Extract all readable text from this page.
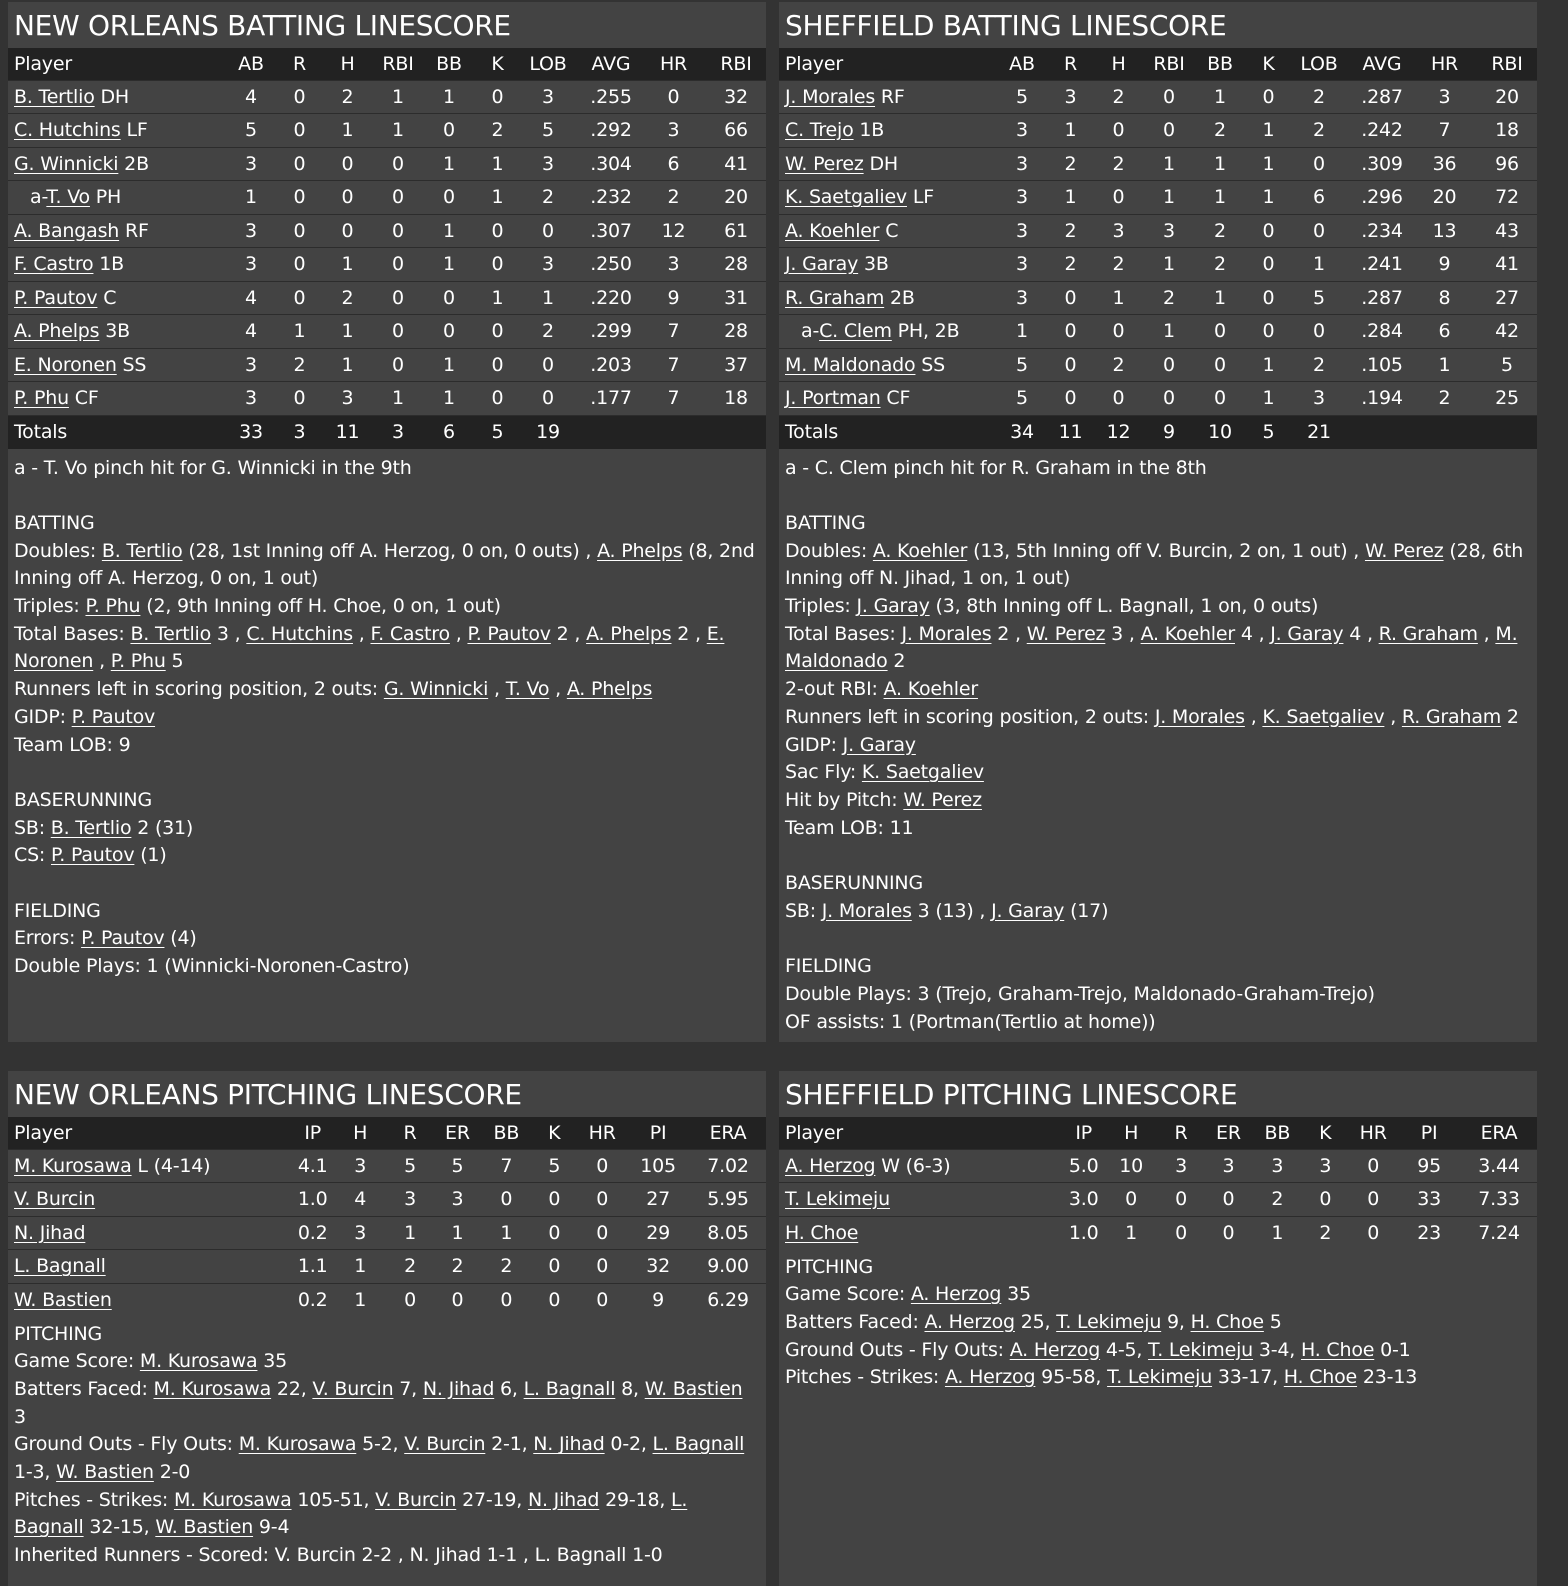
NEW ORLEANS BATTING LINESCORE
Player	AB	R	H	RBI	BB	K	LOB	AVG	HR	RBI
B. Tertlio DH	4	0	2	1	1	0	3	.255	0	32
C. Hutchins LF	5	0	1	1	0	2	5	.292	3	66
G. Winnicki 2B	3	0	0	0	1	1	3	.304	6	41
a-T. Vo PH	1	0	0	0	0	1	2	.232	2	20
A. Bangash RF	3	0	0	0	1	0	0	.307	12	61
F. Castro 1B	3	0	1	0	1	0	3	.250	3	28
P. Pautov C	4	0	2	0	0	1	1	.220	9	31
A. Phelps 3B	4	1	1	0	0	0	2	.299	7	28
E. Noronen SS	3	2	1	0	1	0	0	.203	7	37
P. Phu CF	3	0	3	1	1	0	0	.177	7	18
Totals	33	3	11	3	6	5	19			
a - T. Vo pinch hit for G. Winnicki in the 9th
BATTING
Doubles: B. Tertlio (28, 1st Inning off A. Herzog, 0 on, 0 outs) , A. Phelps (8, 2nd Inning off A. Herzog, 0 on, 1 out)
Triples: P. Phu (2, 9th Inning off H. Choe, 0 on, 1 out)
Total Bases: B. Tertlio 3 , C. Hutchins , F. Castro , P. Pautov 2 , A. Phelps 2 , E. Noronen , P. Phu 5
Runners left in scoring position, 2 outs: G. Winnicki , T. Vo , A. Phelps
GIDP: P. Pautov
Team LOB: 9
BASERUNNING
SB: B. Tertlio 2 (31)
CS: P. Pautov (1)
FIELDING
Errors: P. Pautov (4)
Double Plays: 1 (Winnicki-Noronen-Castro)
SHEFFIELD BATTING LINESCORE
Player	AB	R	H	RBI	BB	K	LOB	AVG	HR	RBI
J. Morales RF	5	3	2	0	1	0	2	.287	3	20
C. Trejo 1B	3	1	0	0	2	1	2	.242	7	18
W. Perez DH	3	2	2	1	1	1	0	.309	36	96
K. Saetgaliev LF	3	1	0	1	1	1	6	.296	20	72
A. Koehler C	3	2	3	3	2	0	0	.234	13	43
J. Garay 3B	3	2	2	1	2	0	1	.241	9	41
R. Graham 2B	3	0	1	2	1	0	5	.287	8	27
a-C. Clem PH, 2B	1	0	0	1	0	0	0	.284	6	42
M. Maldonado SS	5	0	2	0	0	1	2	.105	1	5
J. Portman CF	5	0	0	0	0	1	3	.194	2	25
Totals	34	11	12	9	10	5	21			
a - C. Clem pinch hit for R. Graham in the 8th
BATTING
Doubles: A. Koehler (13, 5th Inning off V. Burcin, 2 on, 1 out) , W. Perez (28, 6th Inning off N. Jihad, 1 on, 1 out)
Triples: J. Garay (3, 8th Inning off L. Bagnall, 1 on, 0 outs)
Total Bases: J. Morales 2 , W. Perez 3 , A. Koehler 4 , J. Garay 4 , R. Graham , M. Maldonado 2
2-out RBI: A. Koehler
Runners left in scoring position, 2 outs: J. Morales , K. Saetgaliev , R. Graham 2
GIDP: J. Garay
Sac Fly: K. Saetgaliev
Hit by Pitch: W. Perez
Team LOB: 11
BASERUNNING
SB: J. Morales 3 (13) , J. Garay (17)
FIELDING
Double Plays: 3 (Trejo, Graham-Trejo, Maldonado-Graham-Trejo)
OF assists: 1 (Portman(Tertlio at home))
NEW ORLEANS PITCHING LINESCORE
Player	IP	H	R	ER	BB	K	HR	PI	ERA
M. Kurosawa L (4-14)	4.1	3	5	5	7	5	0	105	7.02
V. Burcin	1.0	4	3	3	0	0	0	27	5.95
N. Jihad	0.2	3	1	1	1	0	0	29	8.05
L. Bagnall	1.1	1	2	2	2	0	0	32	9.00
W. Bastien	0.2	1	0	0	0	0	0	9	6.29
PITCHING
Game Score: M. Kurosawa 35
Batters Faced: M. Kurosawa 22, V. Burcin 7, N. Jihad 6, L. Bagnall 8, W. Bastien 3
Ground Outs - Fly Outs: M. Kurosawa 5-2, V. Burcin 2-1, N. Jihad 0-2, L. Bagnall 1-3, W. Bastien 2-0
Pitches - Strikes: M. Kurosawa 105-51, V. Burcin 27-19, N. Jihad 29-18, L. Bagnall 32-15, W. Bastien 9-4
Inherited Runners - Scored: V. Burcin 2-2 , N. Jihad 1-1 , L. Bagnall 1-0
SHEFFIELD PITCHING LINESCORE
Player	IP	H	R	ER	BB	K	HR	PI	ERA
A. Herzog W (6-3)	5.0	10	3	3	3	3	0	95	3.44
T. Lekimeju	3.0	0	0	0	2	0	0	33	7.33
H. Choe	1.0	1	0	0	1	2	0	23	7.24
PITCHING
Game Score: A. Herzog 35
Batters Faced: A. Herzog 25, T. Lekimeju 9, H. Choe 5
Ground Outs - Fly Outs: A. Herzog 4-5, T. Lekimeju 3-4, H. Choe 0-1
Pitches - Strikes: A. Herzog 95-58, T. Lekimeju 33-17, H. Choe 23-13
